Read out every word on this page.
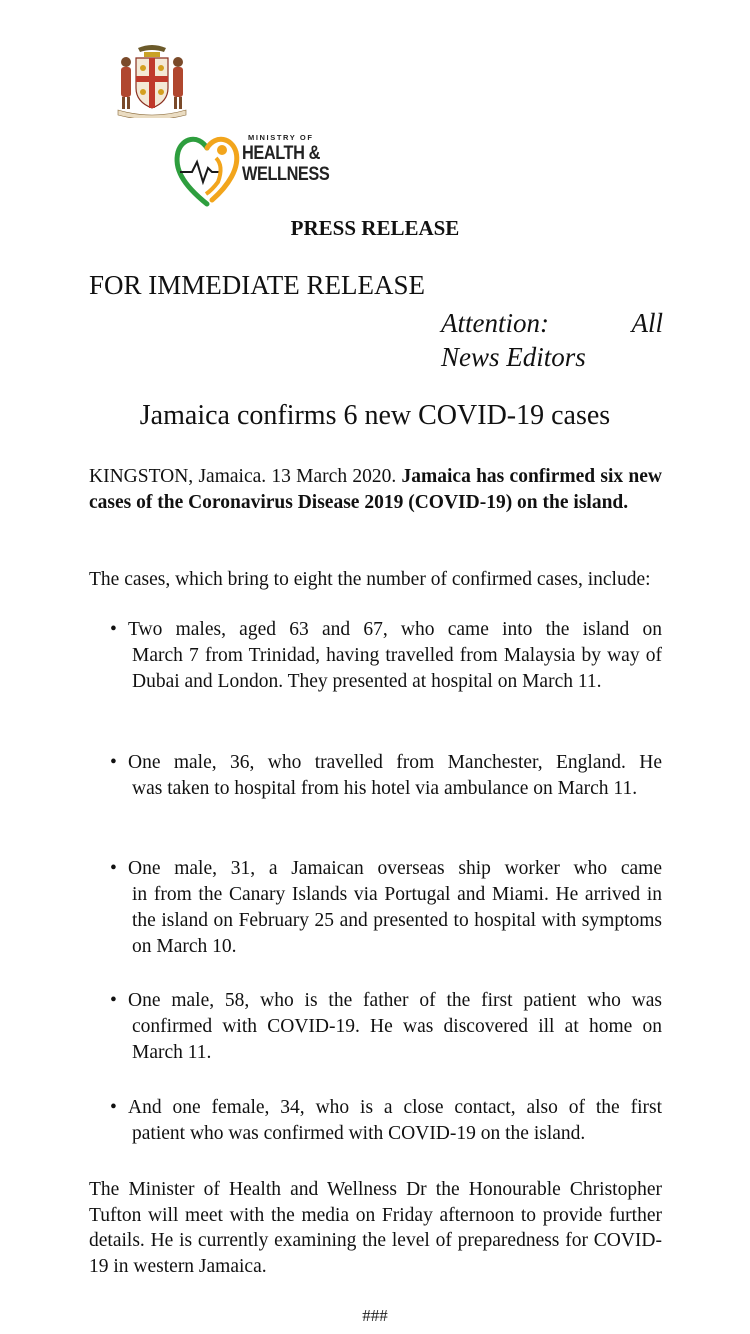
MINISTRY OF
HEALTH &
WELLNESS
PRESS RELEASE
FOR IMMEDIATE RELEASE
Attention:	All
News Editors
Jamaica confirms 6 new COVID-19 cases
KINGSTON, Jamaica. 13 March 2020. Jamaica has confirmed six new cases of the Coronavirus Disease 2019 (COVID-19) on the island.
The cases, which bring to eight the number of confirmed cases, include:
• Two males, aged 63 and 67, who came into the island on
March 7 from Trinidad, having travelled from Malaysia by way of Dubai and London. They presented at hospital on March 11.
• One male, 36, who travelled from Manchester, England. He
was taken to hospital from his hotel via ambulance on March 11.
• One male, 31, a Jamaican overseas ship worker who came
in from the Canary Islands via Portugal and Miami. He arrived in the island on February 25 and presented to hospital with symptoms on March 10.
• One male, 58, who is the father of the first patient who was
confirmed with COVID-19. He was discovered ill at home on March 11.
• And one female, 34, who is a close contact, also of the first
patient who was confirmed with COVID-19 on the island.
The Minister of Health and Wellness Dr the Honourable Christopher Tufton will meet with the media on Friday afternoon to provide further details. He is currently examining the level of preparedness for COVID-19 in western Jamaica.
###
